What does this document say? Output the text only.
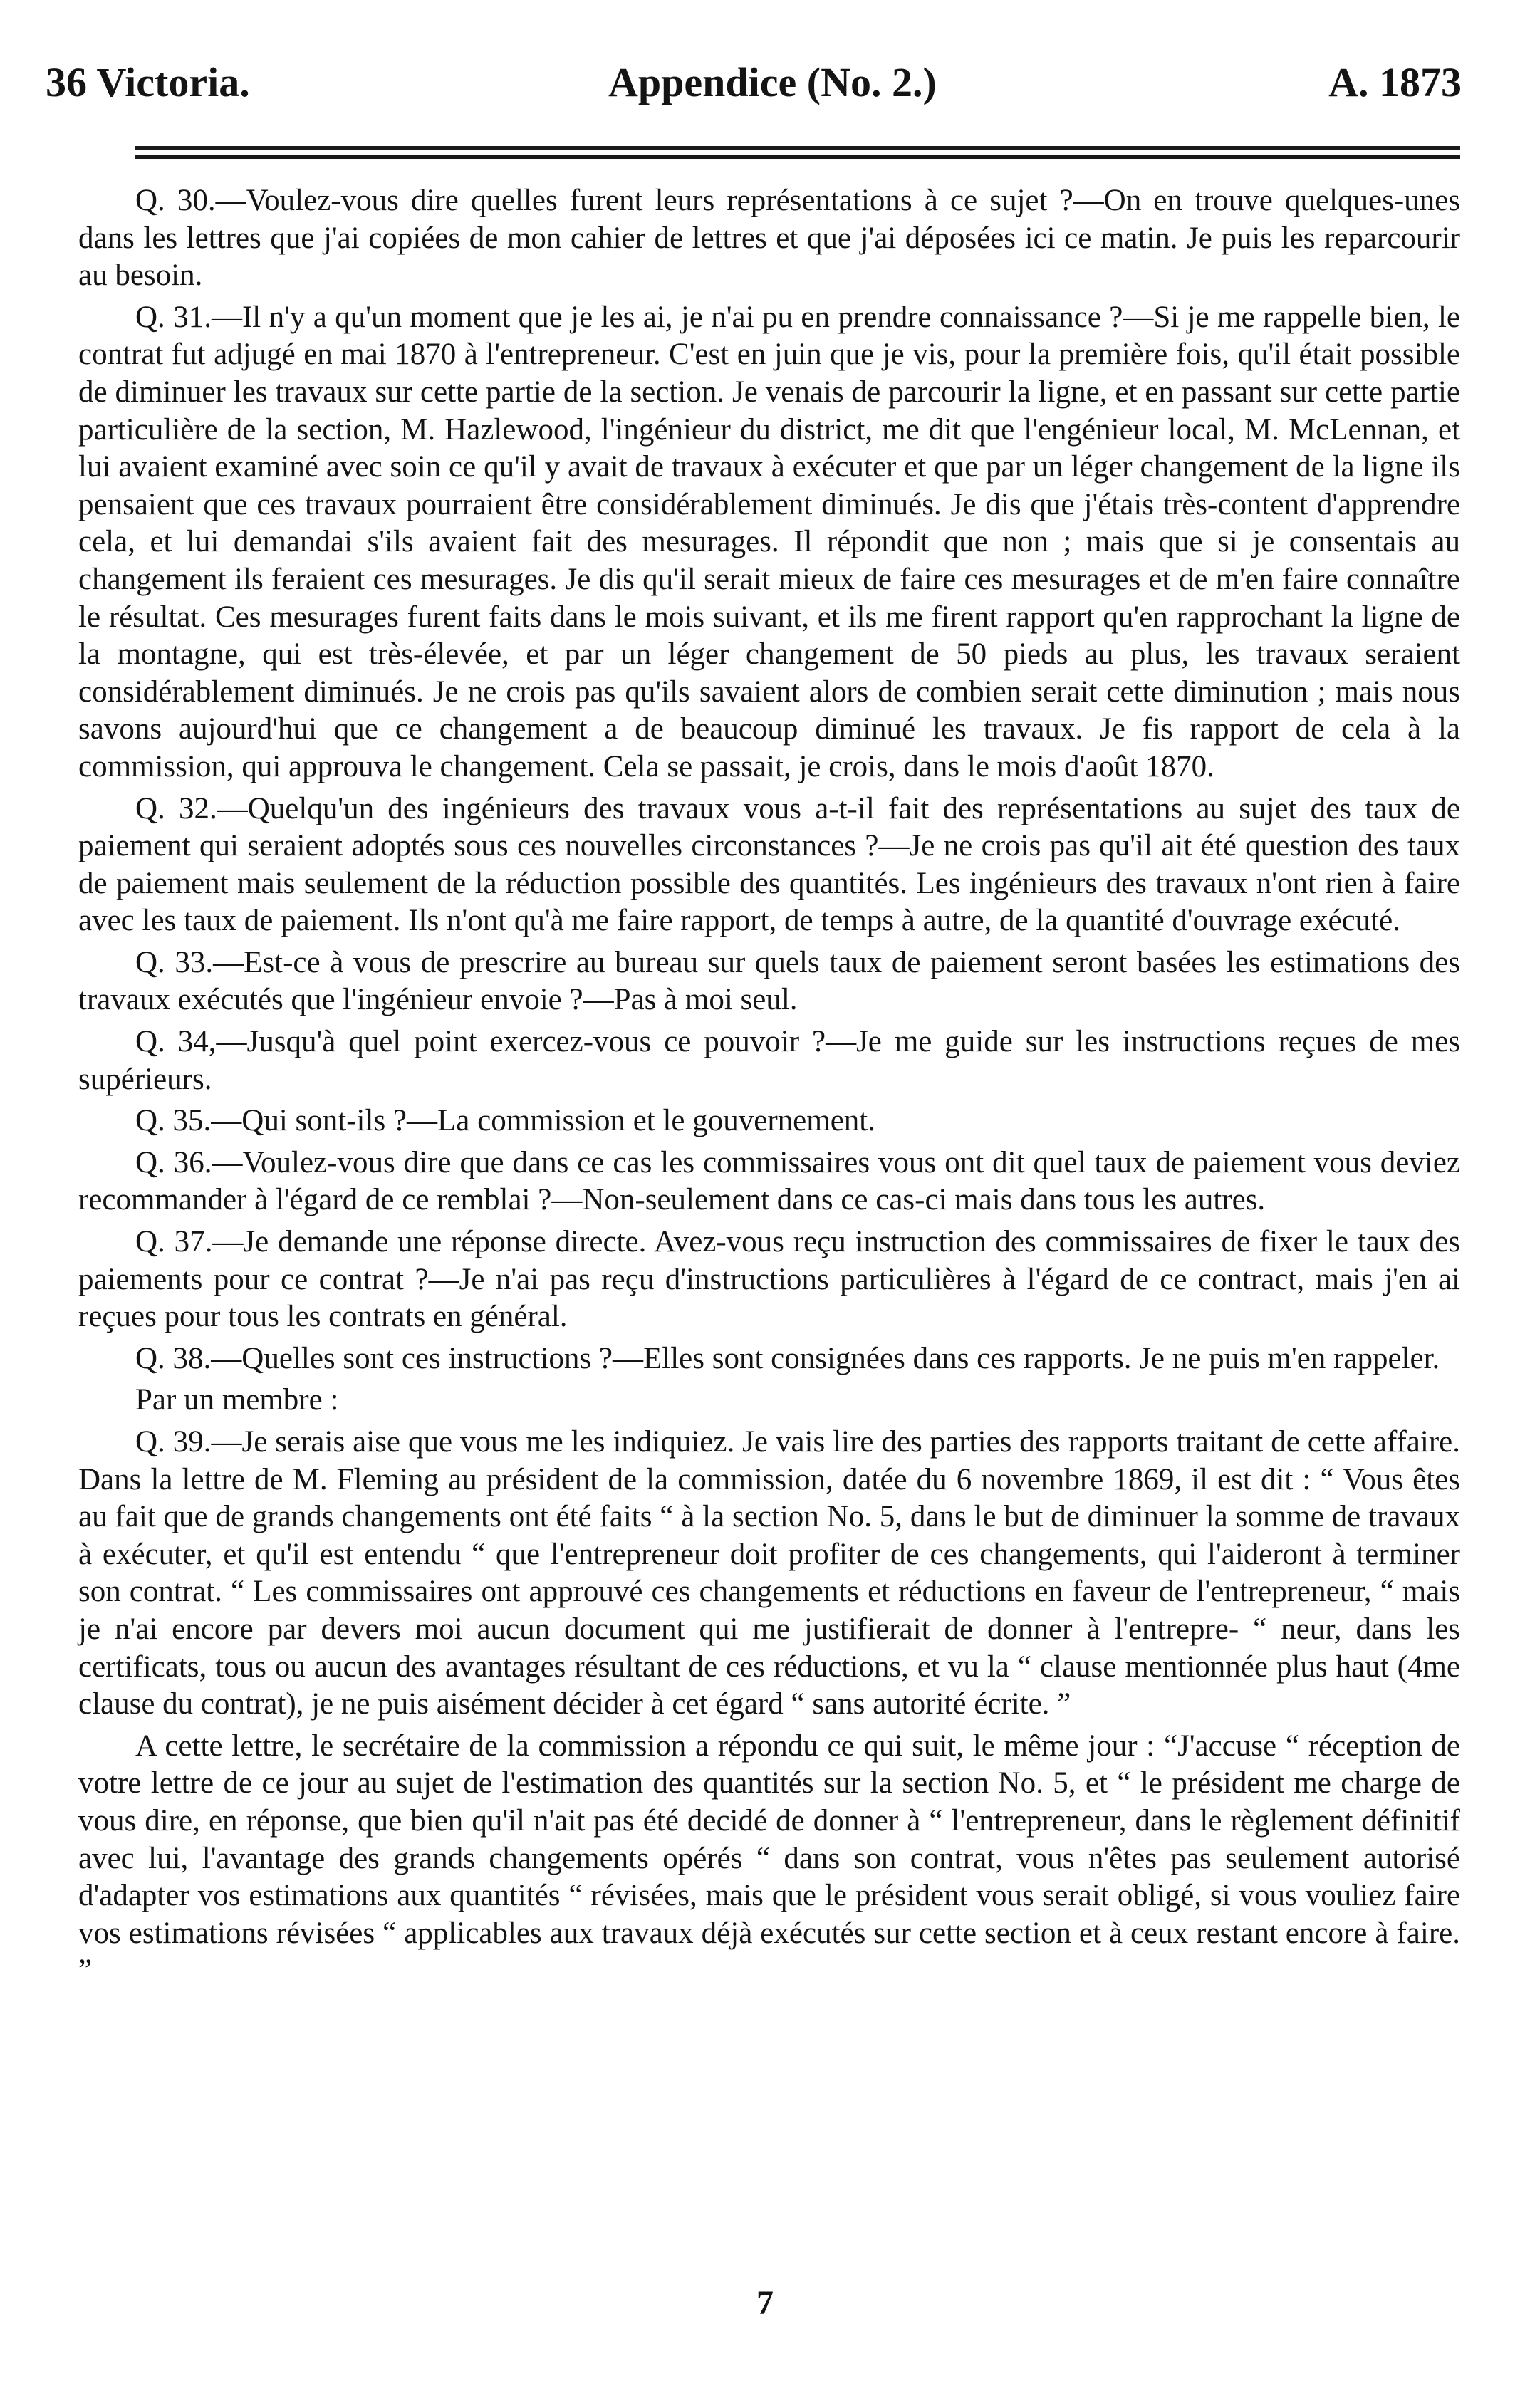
36 Victoria.	Appendice (No. 2.)	A. 1873

Q. 30.—Voulez-vous dire quelles furent leurs représentations à ce sujet ?—On en trouve quelques-unes dans les lettres que j'ai copiées de mon cahier de lettres et que j'ai déposées ici ce matin. Je puis les reparcourir au besoin.

Q. 31.—Il n'y a qu'un moment que je les ai, je n'ai pu en prendre connaissance ?—Si je me rappelle bien, le contrat fut adjugé en mai 1870 à l'entrepreneur. C'est en juin que je vis, pour la première fois, qu'il était possible de diminuer les travaux sur cette partie de la section. Je venais de parcourir la ligne, et en passant sur cette partie particulière de la section, M. Hazlewood, l'ingénieur du district, me dit que l'engénieur local, M. McLennan, et lui avaient examiné avec soin ce qu'il y avait de travaux à exécuter et que par un léger changement de la ligne ils pensaient que ces travaux pourraient être considérablement diminués. Je dis que j'étais très-content d'apprendre cela, et lui demandai s'ils avaient fait des mesurages. Il répondit que non ; mais que si je consentais au changement ils feraient ces mesurages. Je dis qu'il serait mieux de faire ces mesurages et de m'en faire connaître le résultat. Ces mesurages furent faits dans le mois suivant, et ils me firent rapport qu'en rapprochant la ligne de la montagne, qui est très-élevée, et par un léger changement de 50 pieds au plus, les travaux seraient considérablement diminués. Je ne crois pas qu'ils savaient alors de combien serait cette diminution ; mais nous savons aujourd'hui que ce changement a de beaucoup diminué les travaux. Je fis rapport de cela à la commission, qui approuva le changement. Cela se passait, je crois, dans le mois d'août 1870.

Q. 32.—Quelqu'un des ingénieurs des travaux vous a-t-il fait des représentations au sujet des taux de paiement qui seraient adoptés sous ces nouvelles circonstances ?—Je ne crois pas qu'il ait été question des taux de paiement mais seulement de la réduction possible des quantités. Les ingénieurs des travaux n'ont rien à faire avec les taux de paiement. Ils n'ont qu'à me faire rapport, de temps à autre, de la quantité d'ouvrage exécuté.

Q. 33.—Est-ce à vous de prescrire au bureau sur quels taux de paiement seront basées les estimations des travaux exécutés que l'ingénieur envoie ?—Pas à moi seul.

Q. 34,—Jusqu'à quel point exercez-vous ce pouvoir ?—Je me guide sur les instructions reçues de mes supérieurs.

Q. 35.—Qui sont-ils ?—La commission et le gouvernement.

Q. 36.—Voulez-vous dire que dans ce cas les commissaires vous ont dit quel taux de paiement vous deviez recommander à l'égard de ce remblai ?—Non-seulement dans ce cas-ci mais dans tous les autres.

Q. 37.—Je demande une réponse directe. Avez-vous reçu instruction des commissaires de fixer le taux des paiements pour ce contrat ?—Je n'ai pas reçu d'instructions particulières à l'égard de ce contract, mais j'en ai reçues pour tous les contrats en général.

Q. 38.—Quelles sont ces instructions ?—Elles sont consignées dans ces rapports. Je ne puis m'en rappeler.

Par un membre :

Q. 39.—Je serais aise que vous me les indiquiez. Je vais lire des parties des rapports traitant de cette affaire. Dans la lettre de M. Fleming au président de la commission, datée du 6 novembre 1869, il est dit : “ Vous êtes au fait que de grands changements ont été faits “ à la section No. 5, dans le but de diminuer la somme de travaux à exécuter, et qu'il est entendu “ que l'entrepreneur doit profiter de ces changements, qui l'aideront à terminer son contrat. “ Les commissaires ont approuvé ces changements et réductions en faveur de l'entrepreneur, “ mais je n'ai encore par devers moi aucun document qui me justifierait de donner à l'entrepre- “ neur, dans les certificats, tous ou aucun des avantages résultant de ces réductions, et vu la “ clause mentionnée plus haut (4me clause du contrat), je ne puis aisément décider à cet égard “ sans autorité écrite. ”

A cette lettre, le secrétaire de la commission a répondu ce qui suit, le même jour : “J'accuse “ réception de votre lettre de ce jour au sujet de l'estimation des quantités sur la section No. 5, et “ le président me charge de vous dire, en réponse, que bien qu'il n'ait pas été decidé de donner à “ l'entrepreneur, dans le règlement définitif avec lui, l'avantage des grands changements opérés “ dans son contrat, vous n'êtes pas seulement autorisé d'adapter vos estimations aux quantités “ révisées, mais que le président vous serait obligé, si vous vouliez faire vos estimations révisées “ applicables aux travaux déjà exécutés sur cette section et à ceux restant encore à faire. ”

7
